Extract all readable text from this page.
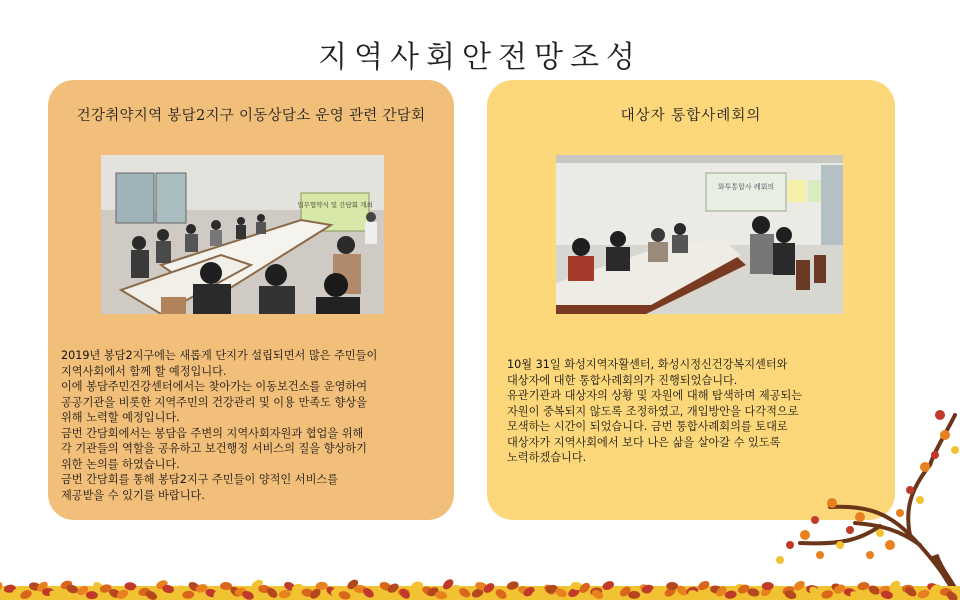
지역사회안전망조성
건강취약지역 봉담2지구 이동상담소 운영 관련 간담회
업무협약식 및 간담회 개최

2019년 봉담2지구에는 새롭게 단지가 설립되면서 많은 주민들이
지역사회에서 함께 할 예정입니다.

이에 봉담주민건강센터에서는 찾아가는 이동보건소를 운영하여
공공기관을 비롯한 지역주민의 건강관리 및 이용 만족도 향상을
위해 노력할 예정입니다.

금번 간담회에서는 봉담읍 주변의 지역사회자원과 협업을 위해
각 기관들의 역할을 공유하고 보건행정 서비스의 질을 향상하기
위한 논의를 하였습니다.

금번 간담회를 통해 봉담2지구 주민들이 양적인 서비스를
제공받을 수 있기를 바랍니다.

대상자 통합사례회의
화투통합사 례회의

10월 31일 화성지역자활센터, 화성시정신건강복지센터와
대상자에 대한 통합사례회의가 진행되었습니다.

유관기관과 대상자의 상황 및 자원에 대해 탐색하며 제공되는
자원이 중복되지 않도록 조정하였고, 개입방안을 다각적으로
모색하는 시간이 되었습니다. 금번 통합사례회의를 토대로
대상자가 지역사회에서 보다 나은 삶을 살아갈 수 있도록
노력하겠습니다.
